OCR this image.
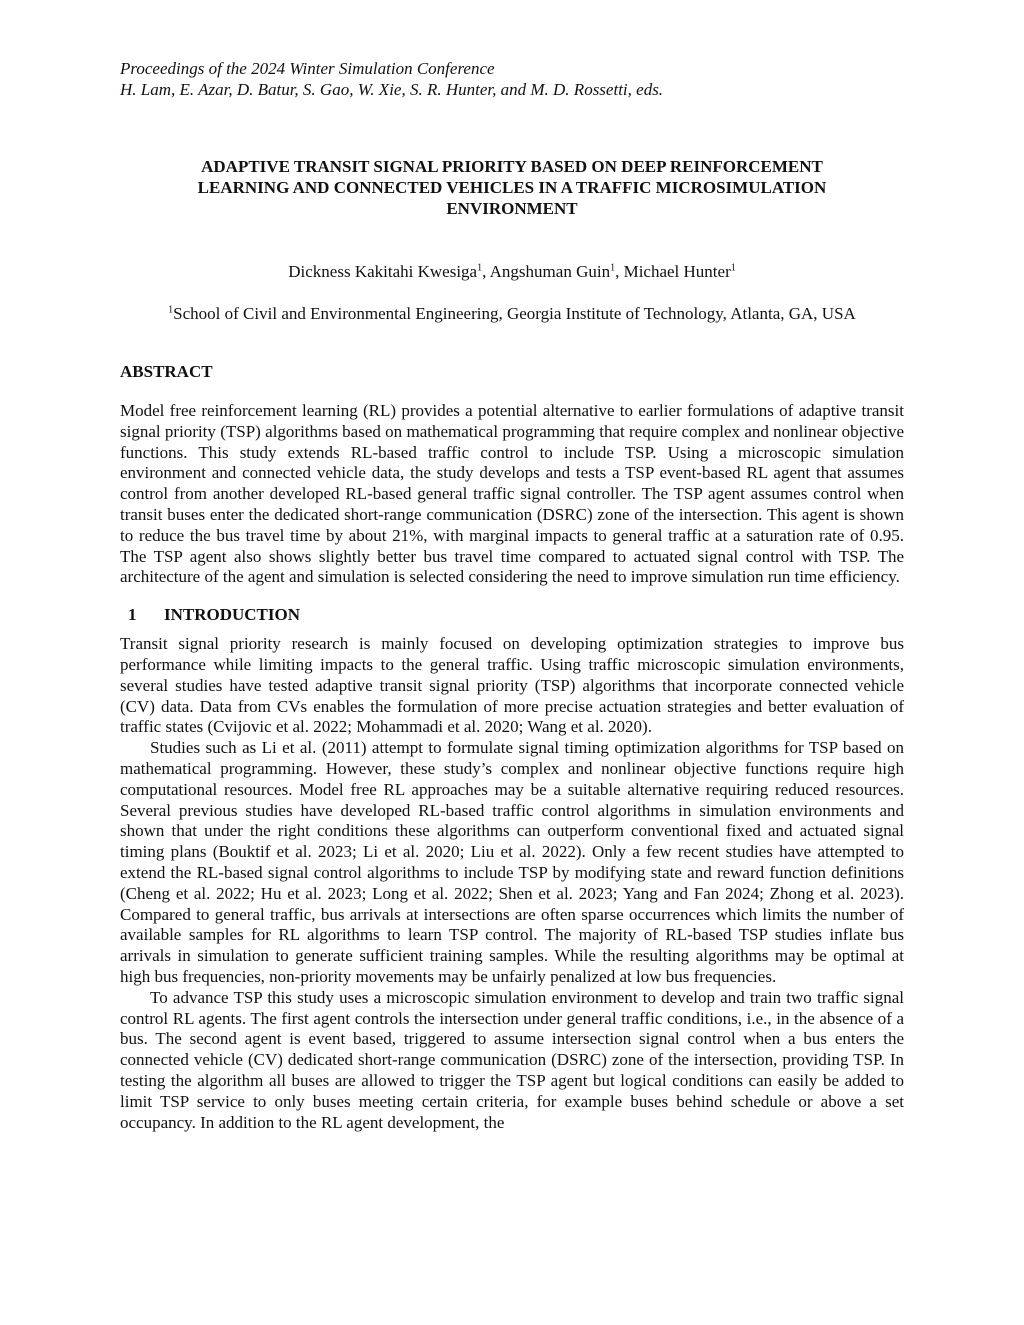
Proceedings of the 2024 Winter Simulation Conference

H. Lam, E. Azar, D. Batur, S. Gao, W. Xie, S. R. Hunter, and M. D. Rossetti, eds.

ADAPTIVE TRANSIT SIGNAL PRIORITY BASED ON DEEP REINFORCEMENT
LEARNING AND CONNECTED VEHICLES IN A TRAFFIC MICROSIMULATION
ENVIRONMENT

Dickness Kakitahi Kwesiga$^1$, Angshuman Guin$^1$, Michael Hunter$^1$

$^1$School of Civil and Environmental Engineering, Georgia Institute of Technology, Atlanta, GA, USA

ABSTRACT

Model free reinforcement learning (RL) provides a potential alternative to earlier formulations of adaptive transit signal priority (TSP) algorithms based on mathematical programming that require complex and nonlinear objective functions. This study extends RL-based traffic control to include TSP. Using a microscopic simulation environment and connected vehicle data, the study develops and tests a TSP event-based RL agent that assumes control from another developed RL-based general traffic signal controller. The TSP agent assumes control when transit buses enter the dedicated short-range communication (DSRC) zone of the intersection. This agent is shown to reduce the bus travel time by about 21%, with marginal impacts to general traffic at a saturation rate of 0.95. The TSP agent also shows slightly better bus travel time compared to actuated signal control with TSP. The architecture of the agent and simulation is selected considering the need to improve simulation run time efficiency.

1 INTRODUCTION

Transit signal priority research is mainly focused on developing optimization strategies to improve bus performance while limiting impacts to the general traffic. Using traffic microscopic simulation environments, several studies have tested adaptive transit signal priority (TSP) algorithms that incorporate connected vehicle (CV) data. Data from CVs enables the formulation of more precise actuation strategies and better evaluation of traffic states (Cvijovic et al. 2022; Mohammadi et al. 2020; Wang et al. 2020).

Studies such as Li et al. (2011) attempt to formulate signal timing optimization algorithms for TSP based on mathematical programming. However, these study’s complex and nonlinear objective functions require high computational resources. Model free RL approaches may be a suitable alternative requiring reduced resources. Several previous studies have developed RL-based traffic control algorithms in simulation environments and shown that under the right conditions these algorithms can outperform conventional fixed and actuated signal timing plans (Bouktif et al. 2023; Li et al. 2020; Liu et al. 2022). Only a few recent studies have attempted to extend the RL-based signal control algorithms to include TSP by modifying state and reward function definitions (Cheng et al. 2022; Hu et al. 2023; Long et al. 2022; Shen et al. 2023; Yang and Fan 2024; Zhong et al. 2023). Compared to general traffic, bus arrivals at intersections are often sparse occurrences which limits the number of available samples for RL algorithms to learn TSP control. The majority of RL-based TSP studies inflate bus arrivals in simulation to generate sufficient training samples. While the resulting algorithms may be optimal at high bus frequencies, non-priority movements may be unfairly penalized at low bus frequencies.

To advance TSP this study uses a microscopic simulation environment to develop and train two traffic signal control RL agents. The first agent controls the intersection under general traffic conditions, i.e., in the absence of a bus. The second agent is event based, triggered to assume intersection signal control when a bus enters the connected vehicle (CV) dedicated short-range communication (DSRC) zone of the intersection, providing TSP. In testing the algorithm all buses are allowed to trigger the TSP agent but logical conditions can easily be added to limit TSP service to only buses meeting certain criteria, for example buses behind schedule or above a set occupancy. In addition to the RL agent development, the
